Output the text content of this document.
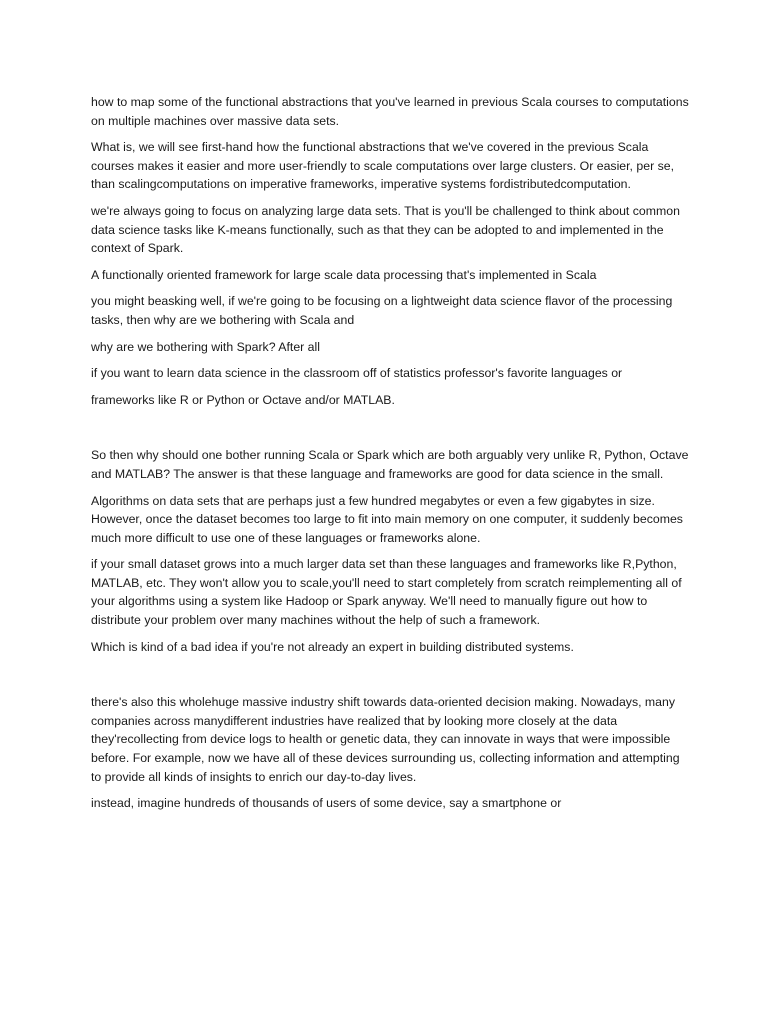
how to map some of the functional abstractions that you've learned in previous Scala courses to computations on multiple machines over massive data sets.

What is, we will see first-hand how the functional abstractions that we've covered in the previous Scala courses makes it easier and more user-friendly to scale computations over large clusters. Or easier, per se, than scalingcomputations on imperative frameworks, imperative systems fordistributedcomputation.

we're always going to focus on analyzing large data sets. That is you'll be challenged to think about common data science tasks like K-means functionally, such as that they can be adopted to and implemented in the context of Spark.

A functionally oriented framework for large scale data processing that's implemented in Scala

you might beasking well, if we're going to be focusing on a lightweight data science flavor of the processing tasks, then why are we bothering with Scala and

why are we bothering with Spark? After all

if you want to learn data science in the classroom off of statistics professor's favorite languages or

frameworks like R or Python or Octave and/or MATLAB.

So then why should one bother running Scala or Spark which are both arguably very unlike R, Python, Octave and MATLAB? The answer is that these language and frameworks are good for data science in the small.

Algorithms on data sets that are perhaps just a few hundred megabytes or even a few gigabytes in size. However, once the dataset becomes too large to fit into main memory on one computer, it suddenly becomes much more difficult to use one of these languages or frameworks alone.

if your small dataset grows into a much larger data set than these languages and frameworks like R,Python, MATLAB, etc. They won't allow you to scale,you'll need to start completely from scratch reimplementing all of your algorithms using a system like Hadoop or Spark anyway. We'll need to manually figure out how to distribute your problem over many machines without the help of such a framework.

Which is kind of a bad idea if you're not already an expert in building distributed systems.

there's also this wholehuge massive industry shift towards data-oriented decision making. Nowadays, many companies across manydifferent industries have realized that by looking more closely at the data they'recollecting from device logs to health or genetic data, they can innovate in ways that were impossible before. For example, now we have all of these devices surrounding us, collecting information and attempting to provide all kinds of insights to enrich our day-to-day lives.

instead, imagine hundreds of thousands of users of some device, say a smartphone or
